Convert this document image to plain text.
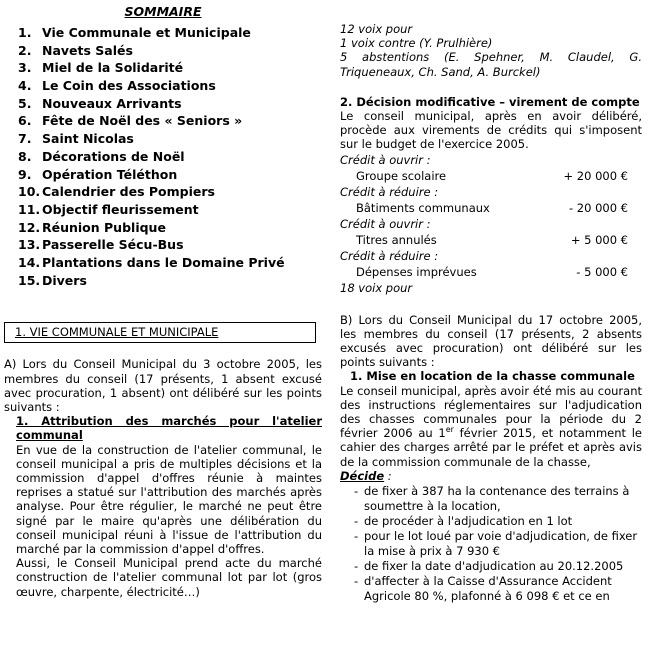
SOMMAIRE
1. Vie Communale et Municipale
2. Navets Salés
3. Miel de la Solidarité
4. Le Coin des Associations
5. Nouveaux Arrivants
6. Fête de Noël des « Seniors »
7. Saint Nicolas
8. Décorations de Noël
9. Opération Téléthon
10. Calendrier des Pompiers
11. Objectif fleurissement
12. Réunion Publique
13. Passerelle Sécu-Bus
14. Plantations dans le Domaine Privé
15. Divers
1. VIE COMMUNALE ET MUNICIPALE

A) Lors du Conseil Municipal du 3 octobre 2005, les membres du conseil (17 présents, 1 absent excusé avec procuration, 1 absent) ont délibéré sur les points suivants :

1. Attribution des marchés pour l'atelier communal

En vue de la construction de l'atelier communal, le conseil municipal a pris de multiples décisions et la commission d'appel d'offres réunie à maintes reprises a statué sur l'attribution des marchés après analyse. Pour être régulier, le marché ne peut être signé par le maire qu'après une délibération du conseil municipal réuni à l'issue de l'attribution du marché par la commission d'appel d'offres.

Aussi, le Conseil Municipal prend acte du marché construction de l'atelier communal lot par lot (gros œuvre, charpente, électricité…)

12 voix pour

1 voix contre (Y. Prulhière)

5 abstentions (E. Spehner, M. Claudel, G. Triqueneaux, Ch. Sand, A. Burckel)

2. Décision modificative – virement de compte

Le conseil municipal, après en avoir délibéré, procède aux virements de crédits qui s'imposent sur le budget de l'exercice 2005.

Crédit à ouvrir :

Groupe scolaire	+ 20 000 €

Crédit à réduire :

Bâtiments communaux	- 20 000 €

Crédit à ouvrir :

Titres annulés	+ 5 000 €

Crédit à réduire :

Dépenses imprévues	- 5 000 €

18 voix pour

B) Lors du Conseil Municipal du 17 octobre 2005, les membres du conseil (17 présents, 2 absents excusés avec procuration) ont délibéré sur les points suivants :

1. Mise en location de la chasse communale

Le conseil municipal, après avoir été mis au courant des instructions réglementaires sur l'adjudication des chasses communales pour la période du 2 février 2006 au 1er février 2015, et notamment le cahier des charges arrêté par le préfet et après avis de la commission communale de la chasse,

Décide :

- de fixer à 387 ha la contenance des terrains à
soumettre à la location,
- de procéder à l'adjudication en 1 lot
- pour le lot loué par voie d'adjudication, de fixer
la mise à prix à 7 930 €
- de fixer la date d'adjudication au 20.12.2005
- d'affecter à la Caisse d'Assurance Accident
Agricole 80 %, plafonné à 6 098 € et ce en
